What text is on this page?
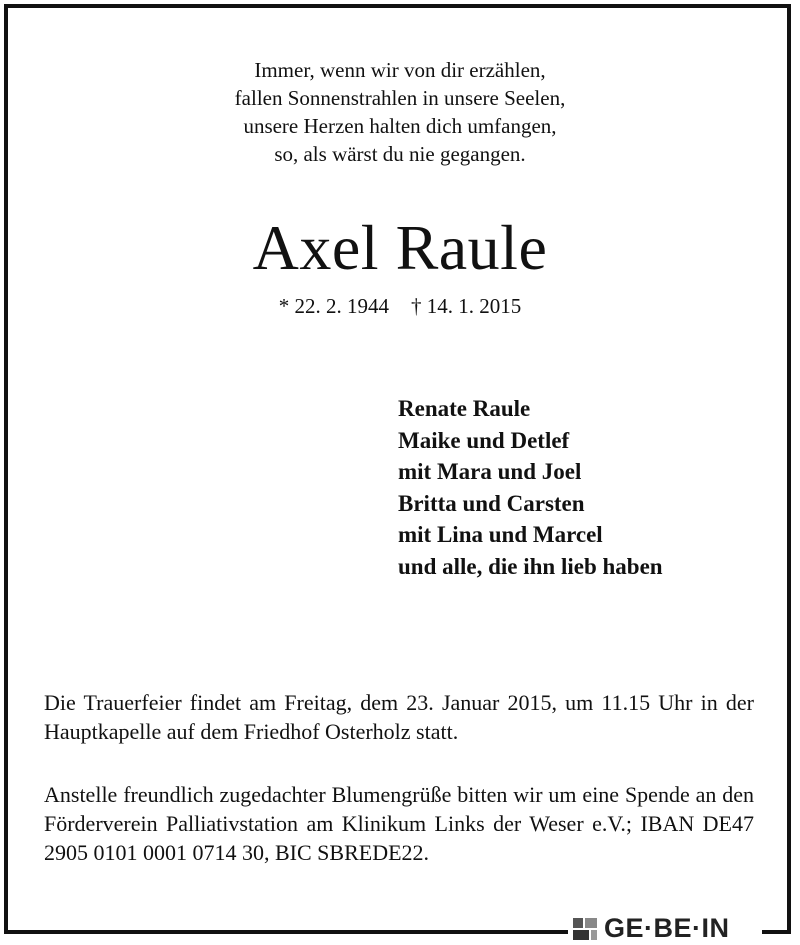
Immer, wenn wir von dir erzählen,
fallen Sonnenstrahlen in unsere Seelen,
unsere Herzen halten dich umfangen,
so, als wärst du nie gegangen.
Axel Raule
* 22. 2. 1944 † 14. 1. 2015
Renate Raule
Maike und Detlef
mit Mara und Joel
Britta und Carsten
mit Lina und Marcel
und alle, die ihn lieb haben
Die Trauerfeier findet am Freitag, dem 23. Januar 2015, um 11.15 Uhr in der Hauptkapelle auf dem Friedhof Osterholz statt.
Anstelle freundlich zugedachter Blumengrüße bitten wir um eine Spende an den Förderverein Palliativstation am Klinikum Links der Weser e.V.; IBAN DE47 2905 0101 0001 0714 30, BIC SBREDE22.
GE·BE·IN
